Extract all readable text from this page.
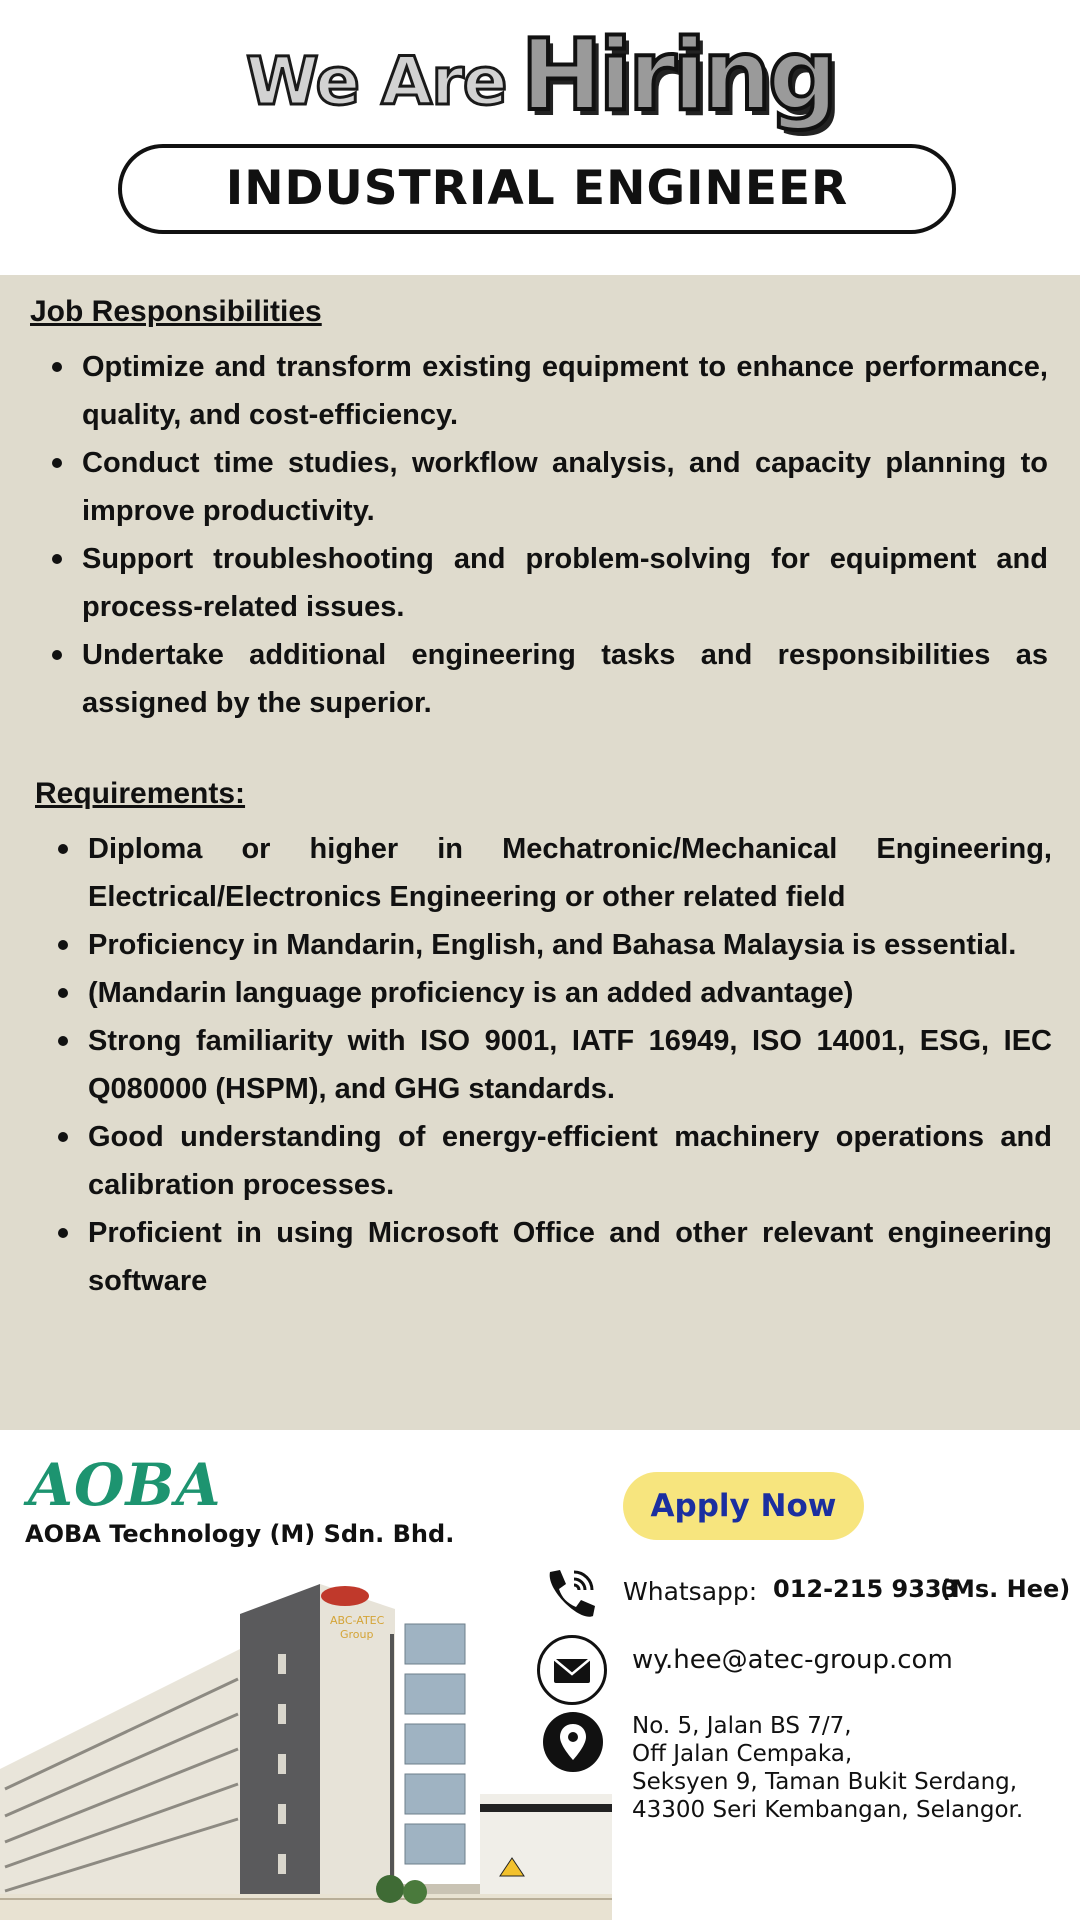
We Are Hiring
INDUSTRIAL ENGINEER
Job Responsibilities
Optimize and transform existing equipment to enhance performance, quality, and cost-efficiency.
Conduct time studies, workflow analysis, and capacity planning to improve productivity.
Support troubleshooting and problem-solving for equipment and process-related issues.
Undertake additional engineering tasks and responsibilities as assigned by the superior.
Requirements:
Diploma or higher in Mechatronic/Mechanical Engineering, Electrical/Electronics Engineering or other related field
Proficiency in Mandarin, English, and Bahasa Malaysia is essential.
(Mandarin language proficiency is an added advantage)
Strong familiarity with ISO 9001, IATF 16949, ISO 14001, ESG, IEC Q080000 (HSPM), and GHG standards.
Good understanding of energy-efficient machinery operations and calibration processes.
Proficient in using Microsoft Office and other relevant engineering software
AOBA
AOBA Technology (M) Sdn. Bhd.
ABC-ATEC
Group
Apply Now
Whatsapp: 012-215 9333
(Ms. Hee)
wy.hee@atec-group.com
No. 5, Jalan BS 7/7,
Off Jalan Cempaka,
Seksyen 9, Taman Bukit Serdang,
43300 Seri Kembangan, Selangor.
